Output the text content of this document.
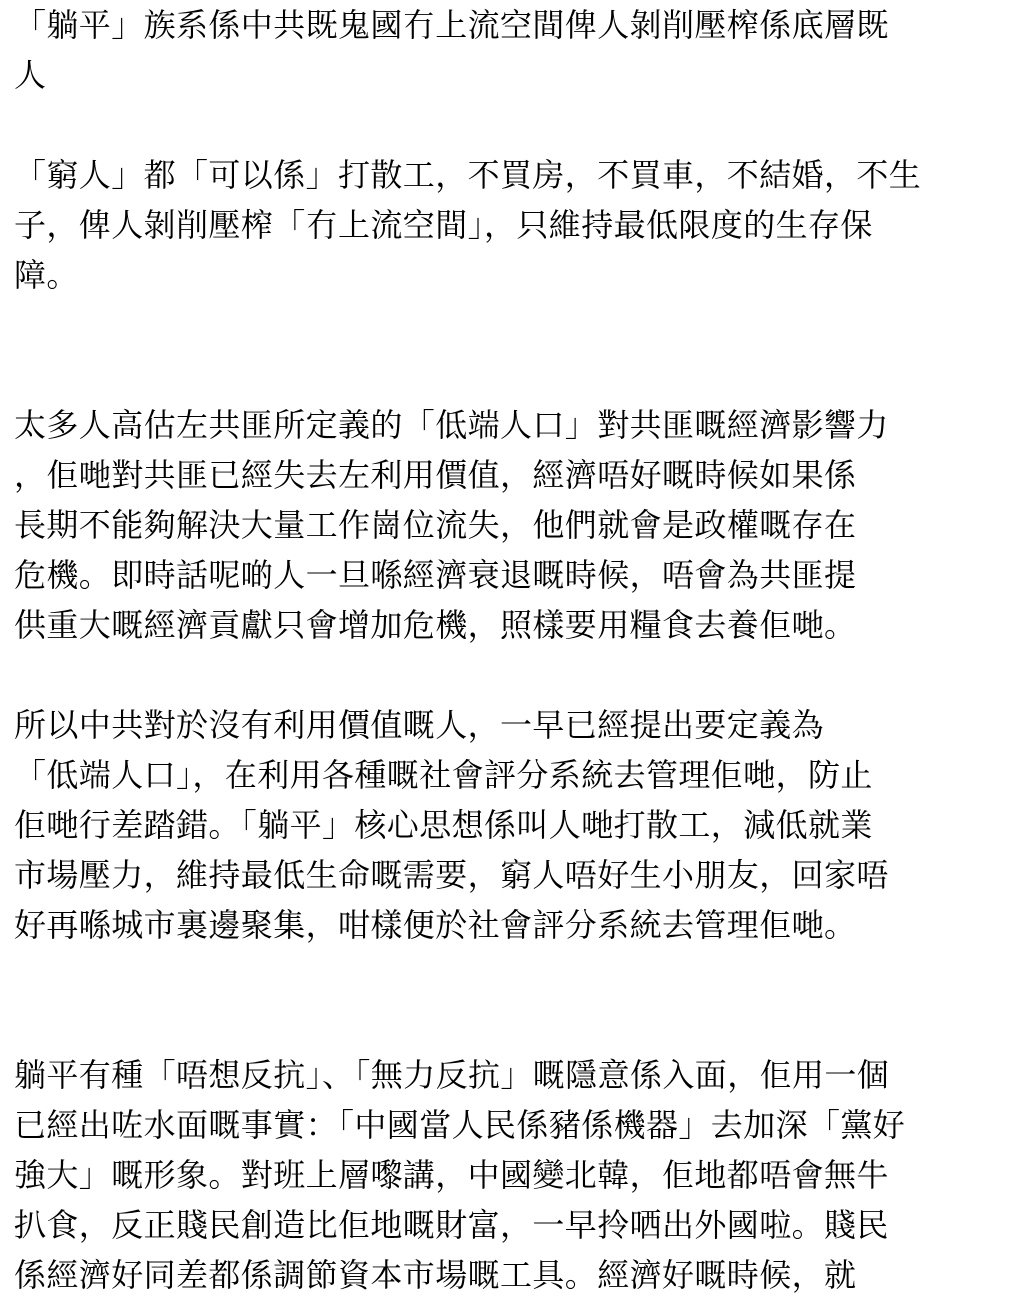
「躺平」族系係中共既鬼國冇上流空間俾人剝削壓榨係底層既
人
「窮人」都「可以係」打散工，不買房，不買車，不結婚，不生
子，俾人剝削壓榨「冇上流空間」，只維持最低限度的生存保
障。
太多人高估左共匪所定義的「低端人口」對共匪嘅經濟影響力
，佢哋對共匪已經失去左利用價值，經濟唔好嘅時候如果係
長期不能夠解決大量工作崗位流失，他們就會是政權嘅存在
危機。即時話呢啲人一旦喺經濟衰退嘅時候，唔會為共匪提
供重大嘅經濟貢獻只會增加危機，照樣要用糧食去養佢哋。
所以中共對於沒有利用價值嘅人，一早已經提出要定義為
「低端人口」，在利用各種嘅社會評分系統去管理佢哋，防止
佢哋行差踏錯。「躺平」核心思想係叫人哋打散工，減低就業
市場壓力，維持最低生命嘅需要，窮人唔好生小朋友，回家唔
好再喺城市裏邊聚集，咁樣便於社會評分系統去管理佢哋。
躺平有種「唔想反抗」、「無力反抗」嘅隱意係入面，佢用一個
已經出咗水面嘅事實：「中國當人民係豬係機器」去加深「黨好
強大」嘅形象。對班上層嚟講，中國變北韓，佢地都唔會無牛
扒食，反正賤民創造比佢地嘅財富，一早拎哂出外國啦。賤民
係經濟好同差都係調節資本市場嘅工具。經濟好嘅時候，就
